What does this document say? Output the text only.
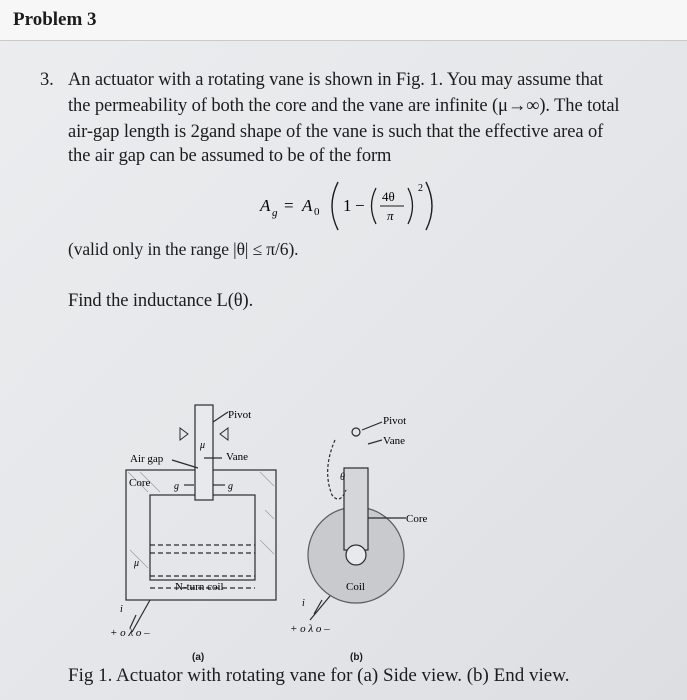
Problem 3
3. An actuator with a rotating vane is shown in Fig. 1. You may assume that
the permeability of both the core and the vane are infinite (μ→∞). The total
air-gap length is 2gand shape of the vane is such that the effective area of
the air gap can be assumed to be of the form
A g = A 0 1 − 4θ
π
2
(valid only in the range |θ| ≤ π/6).
Find the inductance L(θ).
Pivot
Air gap
Core
Vane
g	g
μ
μ
N-turn coil
i
+ o λ o –
Pivot
Vane
θ
Core
Coil
i
+ o λ o –
(a)	(b)
Fig 1. Actuator with rotating vane for (a) Side view. (b) End view.
